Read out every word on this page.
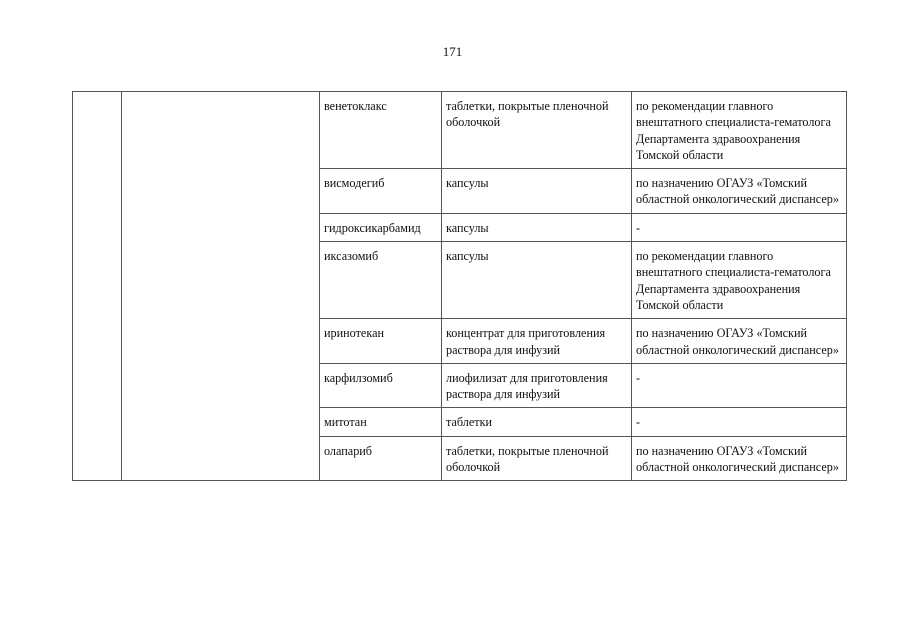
171
		венетоклакс	таблетки, покрытые пленочной оболочкой	по рекомендации главного внештатного специалиста-гематолога Департамента здравоохранения Томской области
		висмодегиб	капсулы	по назначению ОГАУЗ «Томский областной онкологический диспансер»
		гидроксикарбамид	капсулы	-
		иксазомиб	капсулы	по рекомендации главного внештатного специалиста-гематолога Департамента здравоохранения Томской области
		иринотекан	концентрат для приготовления раствора для инфузий	по назначению ОГАУЗ «Томский областной онкологический диспансер»
		карфилзомиб	лиофилизат для приготовления раствора для инфузий	-
		митотан	таблетки	-
		олапариб	таблетки, покрытые пленочной оболочкой	по назначению ОГАУЗ «Томский областной онкологический диспансер»
